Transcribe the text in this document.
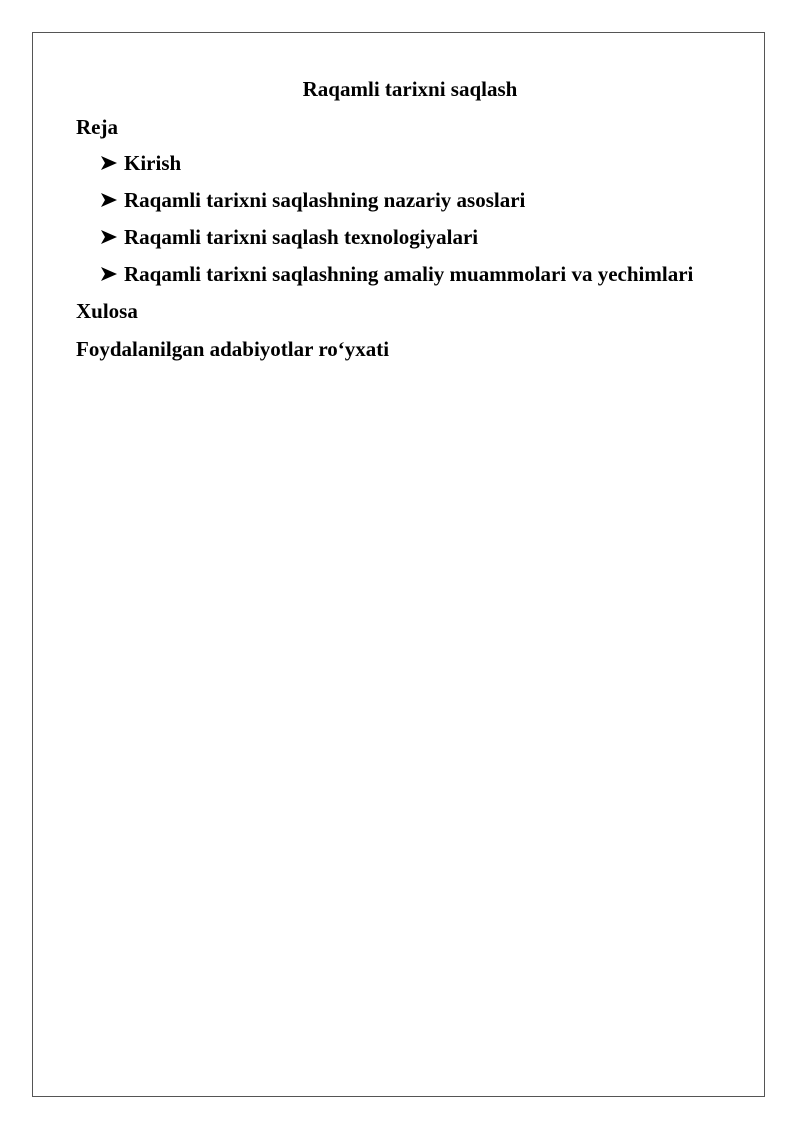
Raqamli tarixni saqlash
Reja
Kirish
Raqamli tarixni saqlashning nazariy asoslari
Raqamli tarixni saqlash texnologiyalari
Raqamli tarixni saqlashning amaliy muammolari va yechimlari
Xulosa
Foydalanilgan adabiyotlar ro‘yxati
